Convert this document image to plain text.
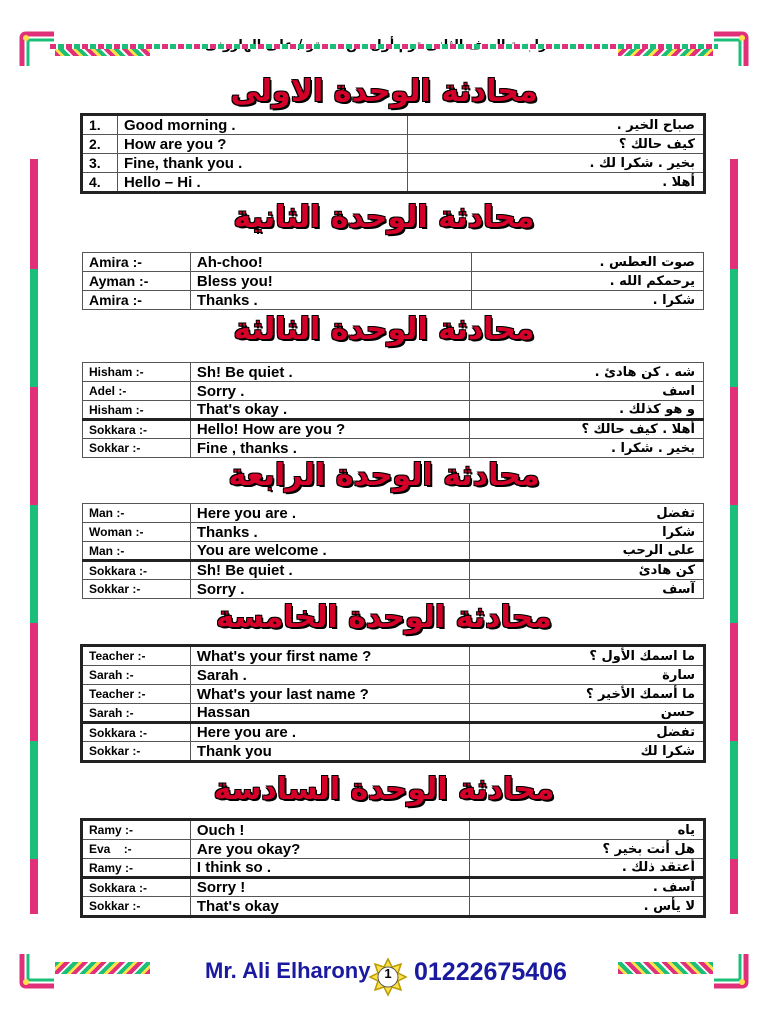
محادثة الوحدة الاولى
1.	Good morning .	صباح الخير .
2.	How are you ?	كيف حالك ؟
3.	Fine, thank you .	بخير . شكرا لك .
4.	Hello – Hi .	أهلا .
محادثة الوحدة الثانية
Amira :-	Ah-choo!	صوت العطس .
Ayman :-	Bless you!	يرحمكم الله .
Amira :-	Thanks .	شكرا .
محادثة الوحدة الثالثة
Hisham :-	Sh! Be quiet .	شه . كن هادئ .
Adel :-	Sorry .	اسف
Hisham :-	That's okay .	و هو كذلك .
Sokkara :-	Hello! How are you ?	أهلا . كيف حالك ؟
Sokkar :-	Fine , thanks .	بخير . شكرا .
محادثة الوحدة الرابعة
Man :-	Here you are .	تفضل
Woman :-	Thanks .	شكرا
Man :-	You are welcome .	على الرحب
Sokkara :-	Sh! Be quiet .	كن هادئ
Sokkar :-	Sorry .	آسف
محادثة الوحدة الخامسة
Teacher :-	What's your first name ?	ما اسمك الأول ؟
Sarah :-	Sarah .	سارة
Teacher :-	What's your last name ?	ما أسمك الأخير ؟
Sarah :-	Hassan	حسن
Sokkara :-	Here you are .	تفضل
Sokkar :-	Thank you	شكرا لك
محادثة الوحدة السادسة
Ramy :-	Ouch !	ياه
Eva    :-	Are you okay?	هل أنت بخير ؟
Ramy :-	I think so .	أعتقد ذلك .
Sokkara :-	Sorry !	آسف .
Sokkar :-	That's okay	لا يأس .
Mr. Ali Elharony	1 01222675406
